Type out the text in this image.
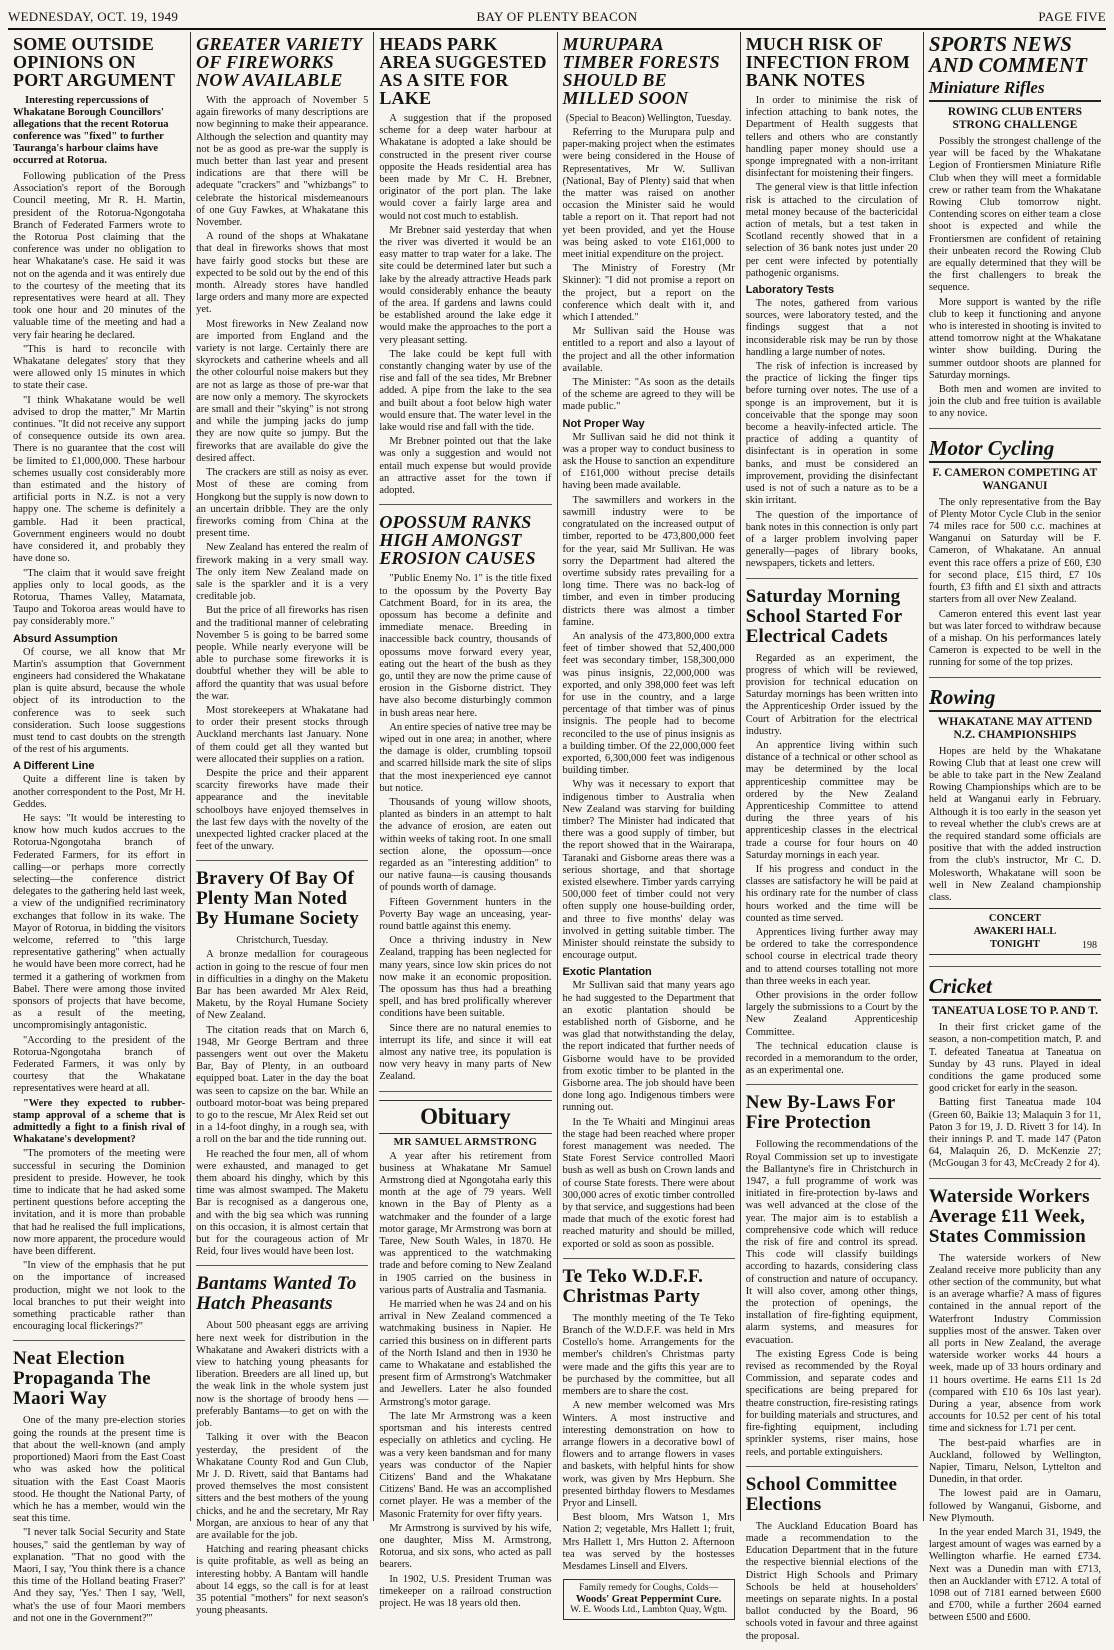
WEDNESDAY, OCT. 19, 1949	BAY OF PLENTY BEACON	PAGE FIVE
SOME OUTSIDE OPINIONS ON PORT ARGUMENT

Interesting repercussions of Whakatane Borough Councillors' allegations that the recent Rotorua conference was "fixed" to further Tauranga's harbour claims have occurred at Rotorua.

Following publication of the Press Association's report of the Borough Council meeting, Mr R. H. Martin, president of the Rotorua-Ngongotaha Branch of Federated Farmers wrote to the Rotorua Post claiming that the conference was under no obligation to hear Whakatane's case. He said it was not on the agenda and it was entirely due to the courtesy of the meeting that its representatives were heard at all. They took one hour and 20 minutes of the valuable time of the meeting and had a very fair hearing he declared.

"This is hard to reconcile with Whakatane delegates' story that they were allowed only 15 minutes in which to state their case.

"I think Whakatane would be well advised to drop the matter," Mr Martin continues. "It did not receive any support of consequence outside its own area. There is no guarantee that the cost will be limited to £1,000,000. These harbour schemes usually cost considerably more than estimated and the history of artificial ports in N.Z. is not a very happy one. The scheme is definitely a gamble. Had it been practical, Government engineers would no doubt have considered it, and probably they have done so.

"The claim that it would save freight applies only to local goods, as the Rotorua, Thames Valley, Matamata, Taupo and Tokoroa areas would have to pay considerably more."

Absurd Assumption

Of course, we all know that Mr Martin's assumption that Government engineers had considered the Whakatane plan is quite absurd, because the whole object of its introduction to the conference was to seek such consideration. Such loose suggestions must tend to cast doubts on the strength of the rest of his arguments.

A Different Line

Quite a different line is taken by another correspondent to the Post, Mr H. Geddes.

He says: "It would be interesting to know how much kudos accrues to the Rotorua-Ngongotaha branch of Federated Farmers, for its effort in calling—or perhaps more correctly selecting—the conference district delegates to the gathering held last week, a view of the undignified recriminatory exchanges that follow in its wake. The Mayor of Rotorua, in bidding the visitors welcome, referred to "this large representative gathering" when actually he would have been more correct, had he termed it a gathering of workmen from Babel. There were among those invited sponsors of projects that have become, as a result of the meeting, uncompromisingly antagonistic.

"According to the president of the Rotorua-Ngongotaha branch of Federated Farmers, it was only by courtesy that the Whakatane representatives were heard at all.

"Were they expected to rubber-stamp approval of a scheme that is admittedly a fight to a finish rival of Whakatane's development?

"The promoters of the meeting were successful in securing the Dominion president to preside. However, he took time to indicate that he had asked some pertinent questions before accepting the invitation, and it is more than probable that had he realised the full implications, now more apparent, the procedure would have been different.

"In view of the emphasis that he put on the importance of increased production, might we not look to the local branches to put their weight into something practicable rather than encouraging local flickerings?"

Neat Election Propaganda The Maori Way

One of the many pre-election stories going the rounds at the present time is that about the well-known (and amply proportioned) Maori from the East Coast who was asked how the political situation with the East Coast Maoris stood. He thought the National Party, of which he has a member, would win the seat this time.

"I never talk Social Security and State houses," said the gentleman by way of explanation. "That no good with the Maori, I say, 'You think there is a chance this time of the Holland beating Fraser?' And they say, 'Yes.' Then I say, 'Well, what's the use of four Maori members and not one in the Government?'"

GREATER VARIETY OF FIREWORKS NOW AVAILABLE

With the approach of November 5 again fireworks of many descriptions are now beginning to make their appearance. Although the selection and quantity may not be as good as pre-war the supply is much better than last year and present indications are that there will be adequate "crackers" and "whizbangs" to celebrate the historical misdemeanours of one Guy Fawkes, at Whakatane this November.

A round of the shops at Whakatane that deal in fireworks shows that most have fairly good stocks but these are expected to be sold out by the end of this month. Already stores have handled large orders and many more are expected yet.

Most fireworks in New Zealand now are imported from England and the variety is not large. Certainly there are skyrockets and catherine wheels and all the other colourful noise makers but they are not as large as those of pre-war that are now only a memory. The skyrockets are small and their "skying" is not strong and while the jumping jacks do jump they are now quite so jumpy. But the fireworks that are available do give the desired affect.

The crackers are still as noisy as ever. Most of these are coming from Hongkong but the supply is now down to an uncertain dribble. They are the only fireworks coming from China at the present time.

New Zealand has entered the realm of firework making in a very small way. The only item New Zealand made on sale is the sparkler and it is a very creditable job.

But the price of all fireworks has risen and the traditional manner of celebrating November 5 is going to be barred some people. While nearly everyone will be able to purchase some fireworks it is doubtful whether they will be able to afford the quantity that was usual before the war.

Most storekeepers at Whakatane had to order their present stocks through Auckland merchants last January. None of them could get all they wanted but were allocated their supplies on a ration.

Despite the price and their apparent scarcity fireworks have made their appearance and the inevitable schoolboys have enjoyed themselves in the last few days with the novelty of the unexpected lighted cracker placed at the feet of the unwary.

Bravery Of Bay Of Plenty Man Noted By Humane Society
Christchurch, Tuesday.

A bronze medallion for courageous action in going to the rescue of four men in difficulties in a dinghy on the Maketu Bar has been awarded Mr Alex Reid, Maketu, by the Royal Humane Society of New Zealand.

The citation reads that on March 6, 1948, Mr George Bertram and three passengers went out over the Maketu Bar, Bay of Plenty, in an outboard equipped boat. Later in the day the boat was seen to capsize on the bar. While an outboard motor-boat was being prepared to go to the rescue, Mr Alex Reid set out in a 14-foot dinghy, in a rough sea, with a roll on the bar and the tide running out.

He reached the four men, all of whom were exhausted, and managed to get them aboard his dinghy, which by this time was almost swamped. The Maketu Bar is recognised as a dangerous one, and with the big sea which was running on this occasion, it is almost certain that but for the courageous action of Mr Reid, four lives would have been lost.

Bantams Wanted To Hatch Pheasants

About 500 pheasant eggs are arriving here next week for distribution in the Whakatane and Awakeri districts with a view to hatching young pheasants for liberation. Breeders are all lined up, but the weak link in the whole system just now is the shortage of broody hens —preferably Bantams—to get on with the job.

Talking it over with the Beacon yesterday, the president of the Whakatane County Rod and Gun Club, Mr J. D. Rivett, said that Bantams had proved themselves the most consistent sitters and the best mothers of the young chicks, and he and the secretary, Mr Ray Morgan, are anxious to hear of any that are available for the job.

Hatching and rearing pheasant chicks is quite profitable, as well as being an interesting hobby. A Bantam will handle about 14 eggs, so the call is for at least 35 potential "mothers" for next season's young pheasants.

HEADS PARK AREA SUGGESTED AS A SITE FOR LAKE

A suggestion that if the proposed scheme for a deep water harbour at Whakatane is adopted a lake should be constructed in the present river course opposite the Heads residential area has been made by Mr C. H. Brebner, originator of the port plan. The lake would cover a fairly large area and would not cost much to establish.

Mr Brebner said yesterday that when the river was diverted it would be an easy matter to trap water for a lake. The site could be determined later but such a lake by the already attractive Heads park would considerably enhance the beauty of the area. If gardens and lawns could be established around the lake edge it would make the approaches to the port a very pleasant setting.

The lake could be kept full with constantly changing water by use of the rise and fall of the sea tides, Mr Brebner added. A pipe from the lake to the sea and built about a foot below high water would ensure that. The water level in the lake would rise and fall with the tide.

Mr Brebner pointed out that the lake was only a suggestion and would not entail much expense but would provide an attractive asset for the town if adopted.

OPOSSUM RANKS HIGH AMONGST EROSION CAUSES

"Public Enemy No. 1" is the title fixed to the opossum by the Poverty Bay Catchment Board, for in its area, the opossum has become a definite and immediate menace. Breeding in inaccessible back country, thousands of opossums move forward every year, eating out the heart of the bush as they go, until they are now the prime cause of erosion in the Gisborne district. They have also become disturbingly common in bush areas near here.

An entire species of native tree may be wiped out in one area; in another, where the damage is older, crumbling topsoil and scarred hillside mark the site of slips that the most inexperienced eye cannot but notice.

Thousands of young willow shoots, planted as binders in an attempt to halt the advance of erosion, are eaten out within weeks of taking root. In one small section alone, the opossum—once regarded as an "interesting addition" to our native fauna—is causing thousands of pounds worth of damage.

Fifteen Government hunters in the Poverty Bay wage an unceasing, year-round battle against this enemy.

Once a thriving industry in New Zealand, trapping has been neglected for many years, since low skin prices do not now make it an economic proposition. The opossum has thus had a breathing spell, and has bred prolifically wherever conditions have been suitable.

Since there are no natural enemies to interrupt its life, and since it will eat almost any native tree, its population is now very heavy in many parts of New Zealand.

Obituary
MR SAMUEL ARMSTRONG

A year after his retirement from business at Whakatane Mr Samuel Armstrong died at Ngongotaha early this month at the age of 79 years. Well known in the Bay of Plenty as a watchmaker and the founder of a large motor garage, Mr Armstrong was born at Taree, New South Wales, in 1870. He was apprenticed to the watchmaking trade and before coming to New Zealand in 1905 carried on the business in various parts of Australia and Tasmania.

He married when he was 24 and on his arrival in New Zealand commenced a watchmaking business in Napier. He carried this business on in different parts of the North Island and then in 1930 he came to Whakatane and established the present firm of Armstrong's Watchmaker and Jewellers. Later he also founded Armstrong's motor garage.

The late Mr Armstrong was a keen sportsman and his interests centred especially on athletics and cycling. He was a very keen bandsman and for many years was conductor of the Napier Citizens' Band and the Whakatane Citizens' Band. He was an accomplished cornet player. He was a member of the Masonic Fraternity for over fifty years.

Mr Armstrong is survived by his wife, one daughter, Miss M. Armstrong, Rotorua, and six sons, who acted as pall bearers.

In 1902, U.S. President Truman was timekeeper on a railroad construction project. He was 18 years old then.

MURUPARA TIMBER FORESTS SHOULD BE MILLED SOON
(Special to Beacon) Wellington, Tuesday.

Referring to the Murupara pulp and paper-making project when the estimates were being considered in the House of Representatives, Mr W. Sullivan (National, Bay of Plenty) said that when the matter was raised on another occasion the Minister said he would table a report on it. That report had not yet been provided, and yet the House was being asked to vote £161,000 to meet initial expenditure on the project.

The Ministry of Forestry (Mr Skinner): "I did not promise a report on the project, but a report on the conference which dealt with it, and which I attended."

Mr Sullivan said the House was entitled to a report and also a layout of the project and all the other information available.

The Minister: "As soon as the details of the scheme are agreed to they will be made public."

Not Proper Way

Mr Sullivan said he did not think it was a proper way to conduct business to ask the House to sanction an expenditure of £161,000 without precise details having been made available.

The sawmillers and workers in the sawmill industry were to be congratulated on the increased output of timber, reported to be 473,800,000 feet for the year, said Mr Sullivan. He was sorry the Department had altered the overtime subsidy rates prevailing for a long time. There was no back-log of timber, and even in timber producing districts there was almost a timber famine.

An analysis of the 473,800,000 extra feet of timber showed that 52,400,000 feet was secondary timber, 158,300,000 was pinus insignis, 22,000,000 was exported, and only 398,000 feet was left for use in the country, and a large percentage of that timber was of pinus insignis. The people had to become reconciled to the use of pinus insignis as a building timber. Of the 22,000,000 feet exported, 6,300,000 feet was indigenous building timber.

Why was it necessary to export that indigenous timber to Australia when New Zealand was starving for building timber? The Minister had indicated that there was a good supply of timber, but the report showed that in the Wairarapa, Taranaki and Gisborne areas there was a serious shortage, and that shortage existed elsewhere. Timber yards carrying 500,000 feet of timber could not very often supply one house-building order, and three to five months' delay was involved in getting suitable timber. The Minister should reinstate the subsidy to encourage output.

Exotic Plantation

Mr Sullivan said that many years ago he had suggested to the Department that an exotic plantation should be established north of Gisborne, and he was glad that notwithstanding the delay, the report indicated that further needs of Gisborne would have to be provided from exotic timber to be planted in the Gisborne area. The job should have been done long ago. Indigenous timbers were running out.

In the Te Whaiti and Minginui areas the stage had been reached where proper forest management was needed. The State Forest Service controlled Maori bush as well as bush on Crown lands and of course State forests. There were about 300,000 acres of exotic timber controlled by that service, and suggestions had been made that much of the exotic forest had reached maturity and should be milled, exported or sold as soon as possible.

Te Teko W.D.F.F. Christmas Party

The monthly meeting of the Te Teko Branch of the W.D.F.F. was held in Mrs Costello's home. Arrangements for the member's children's Christmas party were made and the gifts this year are to be purchased by the committee, but all members are to share the cost.

A new member welcomed was Mrs Winters. A most instructive and interesting demonstration on how to arrange flowers in a decorative bowl of flowers and to arrange flowers in vases and baskets, with helpful hints for show work, was given by Mrs Hepburn. She presented birthday flowers to Mesdames Pryor and Linsell.

Best bloom, Mrs Watson 1, Mrs Nation 2; vegetable, Mrs Hallett 1; fruit, Mrs Hallett 1, Mrs Hutton 2. Afternoon tea was served by the hostesses Mesdames Linsell and Elvers.

Family remedy for Coughs, Colds—
Woods' Great Peppermint Cure.
W. E. Woods Ltd., Lambton Quay, Wgtn.
MUCH RISK OF INFECTION FROM BANK NOTES

In order to minimise the risk of infection attaching to bank notes, the Department of Health suggests that tellers and others who are constantly handling paper money should use a sponge impregnated with a non-irritant disinfectant for moistening their fingers.

The general view is that little infection risk is attached to the circulation of metal money because of the bactericidal action of metals, but a test taken in Scotland recently showed that in a selection of 36 bank notes just under 20 per cent were infected by potentially pathogenic organisms.

Laboratory Tests

The notes, gathered from various sources, were laboratory tested, and the findings suggest that a not inconsiderable risk may be run by those handling a large number of notes.

The risk of infection is increased by the practice of licking the finger tips before turning over notes. The use of a sponge is an improvement, but it is conceivable that the sponge may soon become a heavily-infected article. The practice of adding a quantity of disinfectant is in operation in some banks, and must be considered an improvement, providing the disinfectant used is not of such a nature as to be a skin irritant.

The question of the importance of bank notes in this connection is only part of a larger problem involving paper generally—pages of library books, newspapers, tickets and letters.

Saturday Morning School Started For Electrical Cadets

Regarded as an experiment, the progress of which will be reviewed, provision for technical education on Saturday mornings has been written into the Apprenticeship Order issued by the Court of Arbitration for the electrical industry.

An apprentice living within such distance of a technical or other school as may be determined by the local apprenticeship committee may be ordered by the New Zealand Apprenticeship Committee to attend during the three years of his apprenticeship classes in the electrical trade a course for four hours on 40 Saturday mornings in each year.

If his progress and conduct in the classes are satisfactory he will be paid at his ordinary rate for the number of class hours worked and the time will be counted as time served.

Apprentices living further away may be ordered to take the correspondence school course in electrical trade theory and to attend courses totalling not more than three weeks in each year.

Other provisions in the order follow largely the submissions to a Court by the New Zealand Apprenticeship Committee.

The technical education clause is recorded in a memorandum to the order, as an experimental one.

New By-Laws For Fire Protection

Following the recommendations of the Royal Commission set up to investigate the Ballantyne's fire in Christchurch in 1947, a full programme of work was initiated in fire-protection by-laws and was well advanced at the close of the year. The major aim is to establish a comprehensive code which will reduce the risk of fire and control its spread. This code will classify buildings according to hazards, considering class of construction and nature of occupancy. It will also cover, among other things, the protection of openings, the installation of fire-fighting equipment, alarm systems, and measures for evacuation.

The existing Egress Code is being revised as recommended by the Royal Commission, and separate codes and specifications are being prepared for theatre construction, fire-resisting ratings for building materials and structures, and fire-fighting equipment, including sprinkler systems, riser mains, hose reels, and portable extinguishers.

School Committee Elections

The Auckland Education Board has made a recommendation to the Education Department that in the future the respective biennial elections of the District High Schools and Primary Schools be held at householders' meetings on separate nights. In a postal ballot conducted by the Board, 96 schools voted in favour and three against the proposal.

SPORTS NEWS AND COMMENT
Miniature Rifles
ROWING CLUB ENTERS STRONG CHALLENGE

Possibly the strongest challenge of the year will be faced by the Whakatane Legion of Frontiersmen Miniature Rifle Club when they will meet a formidable crew or rather team from the Whakatane Rowing Club tomorrow night. Contending scores on either team a close shoot is expected and while the Frontiersmen are confident of retaining their unbeaten record the Rowing Club are equally determined that they will be the first challengers to break the sequence.

More support is wanted by the rifle club to keep it functioning and anyone who is interested in shooting is invited to attend tomorrow night at the Whakatane winter show building. During the summer outdoor shoots are planned for Saturday mornings.

Both men and women are invited to join the club and free tuition is available to any novice.

Motor Cycling
F. CAMERON COMPETING AT WANGANUI

The only representative from the Bay of Plenty Motor Cycle Club in the senior 74 miles race for 500 c.c. machines at Wanganui on Saturday will be F. Cameron, of Whakatane. An annual event this race offers a prize of £60, £30 for second place, £15 third, £7 10s fourth, £3 fifth and £1 sixth and attracts starters from all over New Zealand.

Cameron entered this event last year but was later forced to withdraw because of a mishap. On his performances lately Cameron is expected to be well in the running for some of the top prizes.

Rowing
WHAKATANE MAY ATTEND N.Z. CHAMPIONSHIPS

Hopes are held by the Whakatane Rowing Club that at least one crew will be able to take part in the New Zealand Rowing Championships which are to be held at Wanganui early in February. Although it is too early in the season yet to reveal whether the club's crews are at the required standard some officials are positive that with the added instruction from the club's instructor, Mr C. D. Molesworth, Whakatane will soon be well in New Zealand championship class.

CONCERT
AWAKERI HALL
TONIGHT	198
Cricket
TANEATUA LOSE TO P. AND T.

In their first cricket game of the season, a non-competition match, P. and T. defeated Taneatua at Taneatua on Sunday by 43 runs. Played in ideal conditions the game produced some good cricket for early in the season.

Batting first Taneatua made 104 (Green 60, Baikie 13; Malaquin 3 for 11, Paton 3 for 19, J. D. Rivett 3 for 14). In their innings P. and T. made 147 (Paton 64, Malaquin 26, D. McKenzie 27; (McGougan 3 for 43, McCready 2 for 4).

Waterside Workers Average £11 Week, States Commission

The waterside workers of New Zealand receive more publicity than any other section of the community, but what is an average wharfie? A mass of figures contained in the annual report of the Waterfront Industry Commission supplies most of the answer. Taken over all ports in New Zealand, the average waterside worker works 44 hours a week, made up of 33 hours ordinary and 11 hours overtime. He earns £11 1s 2d (compared with £10 6s 10s last year). During a year, absence from work accounts for 10.52 per cent of his total time and sickness for 1.71 per cent.

The best-paid wharfies are in Auckland, followed by Wellington, Napier, Timaru, Nelson, Lyttelton and Dunedin, in that order.

The lowest paid are in Oamaru, followed by Wanganui, Gisborne, and New Plymouth.

In the year ended March 31, 1949, the largest amount of wages was earned by a Wellington wharfie. He earned £734. Next was a Dunedin man with £713, then an Aucklander with £712. A total of 1098 out of 7181 earned between £600 and £700, while a further 2604 earned between £500 and £600.
